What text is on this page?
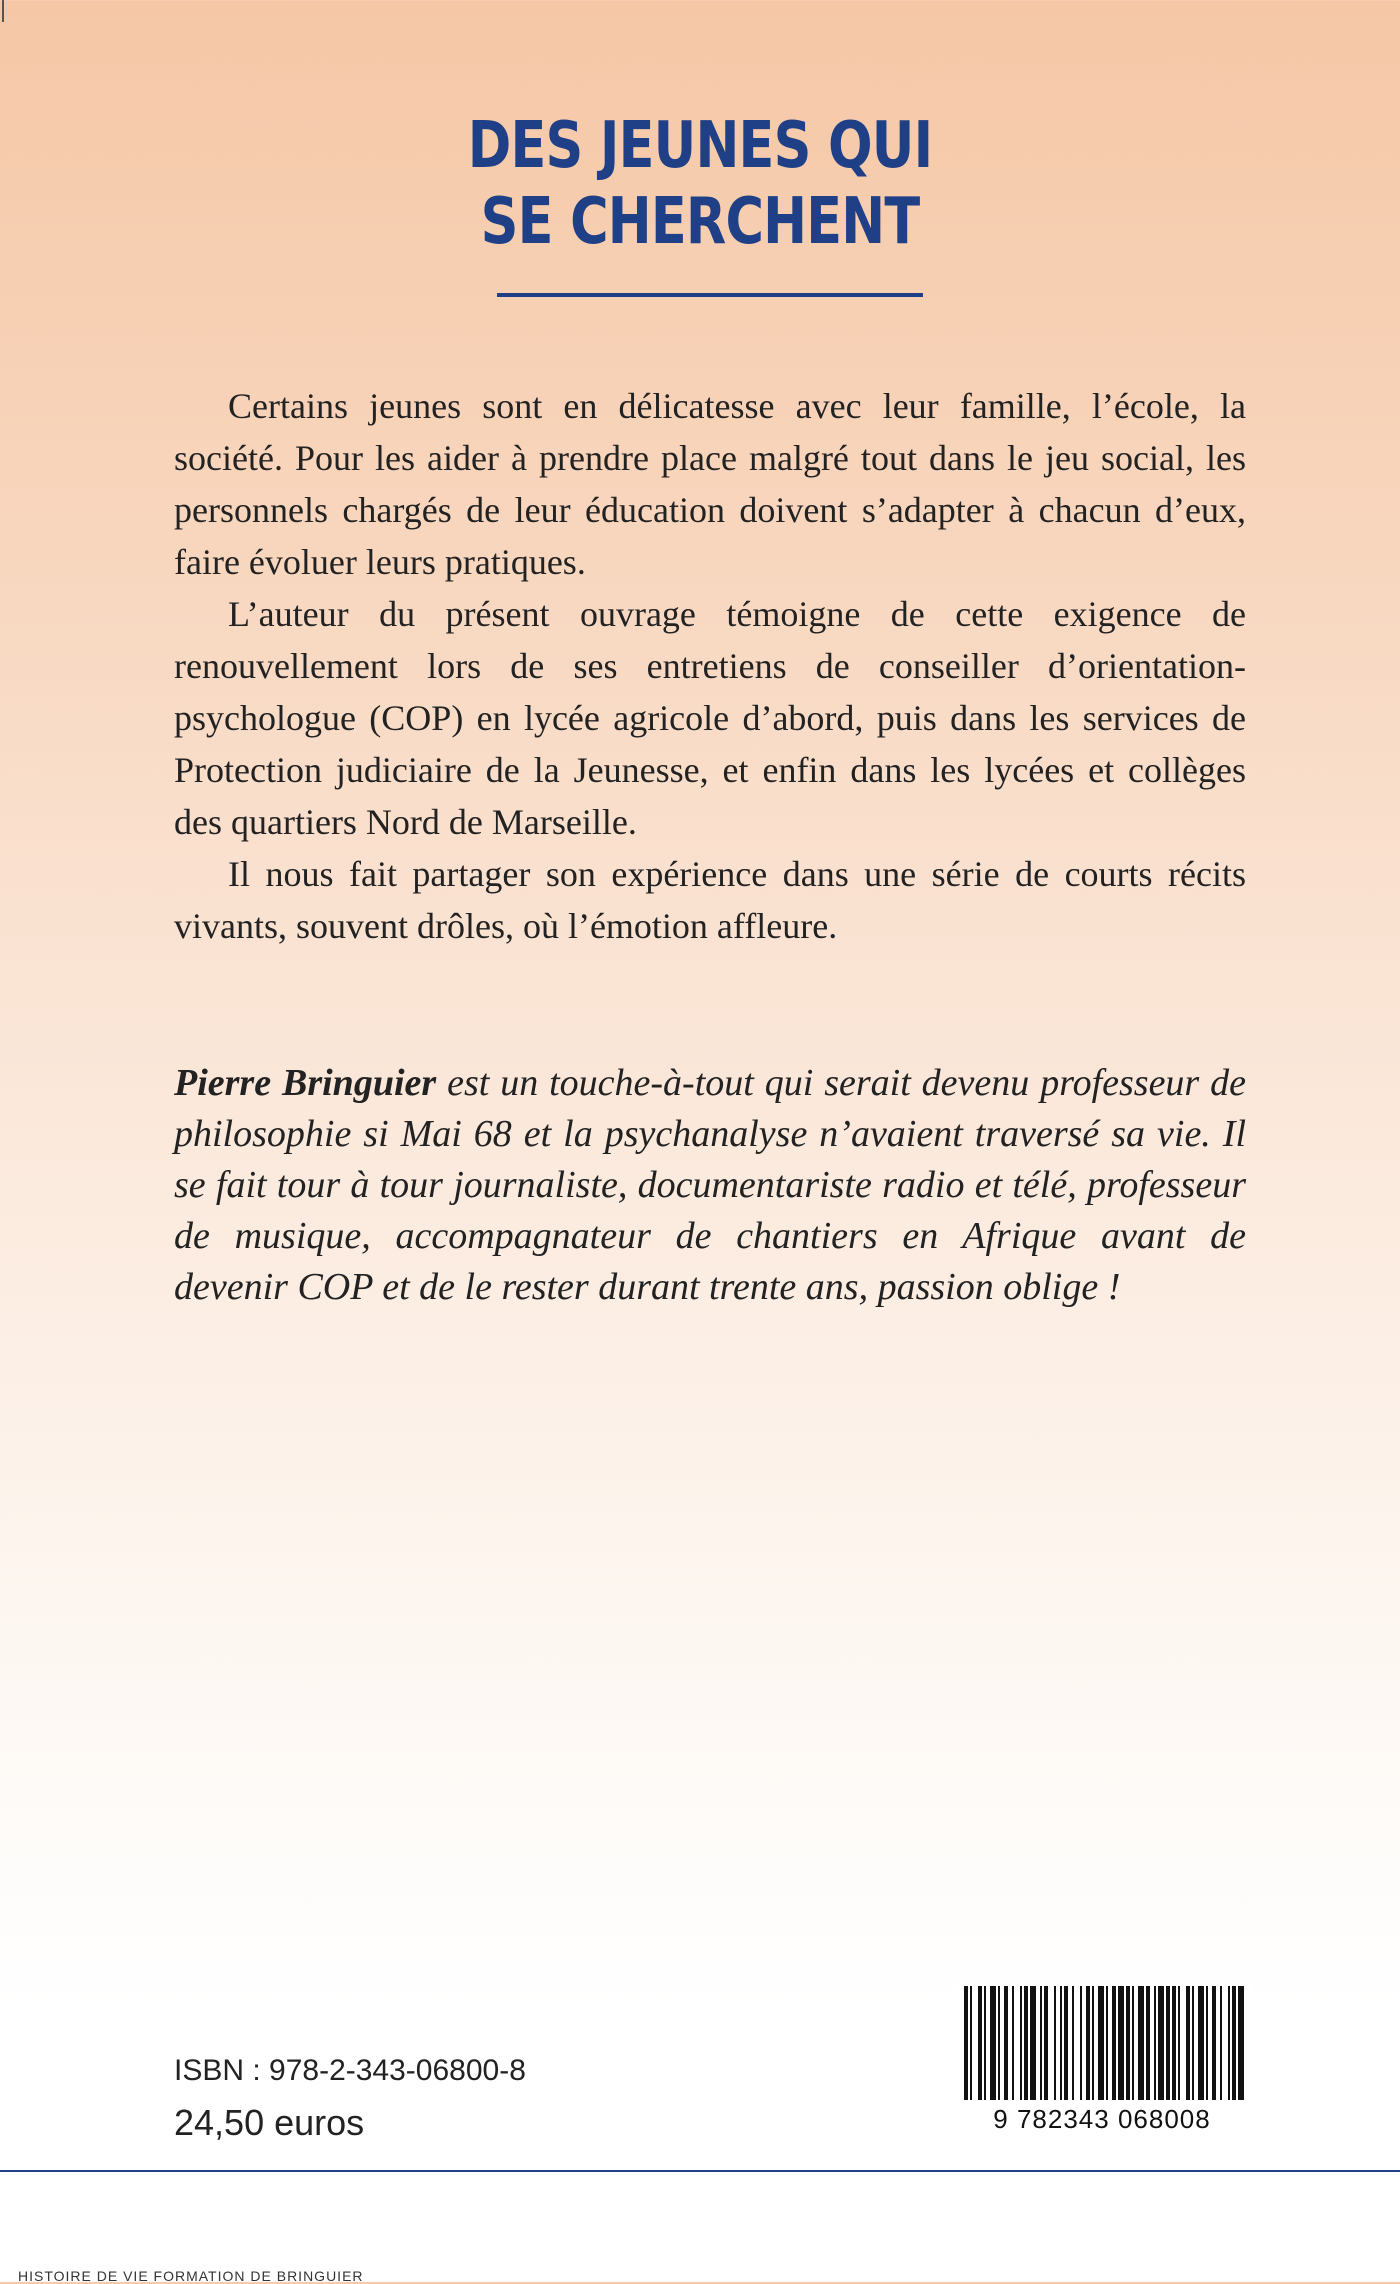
DES JEUNES QUI
SE CHERCHENT

Certains jeunes sont en délicatesse avec leur famille, l’école, la société. Pour les aider à prendre place malgré tout dans le jeu social, les personnels chargés de leur éducation doivent s’adapter à chacun d’eux, faire évoluer leurs pratiques.

L’auteur du présent ouvrage témoigne de cette exigence de renouvellement lors de ses entretiens de conseiller d’orientation-psychologue (COP) en lycée agricole d’abord, puis dans les services de Protection judiciaire de la Jeunesse, et enfin dans les lycées et collèges des quartiers Nord de Marseille.

Il nous fait partager son expérience dans une série de courts récits vivants, souvent drôles, où l’émotion affleure.

Pierre Bringuier est un touche-à-tout qui serait devenu professeur de philosophie si Mai 68 et la psychanalyse n’avaient traversé sa vie. Il se fait tour à tour journaliste, documentariste radio et télé, professeur de musique, accompagnateur de chantiers en Afrique avant de devenir COP et de le rester durant trente ans, passion oblige !
ISBN : 978-2-343-06800-8
24,50 euros	9 782343 068008
HISTOIRE DE VIE FORMATION DE BRINGUIER
